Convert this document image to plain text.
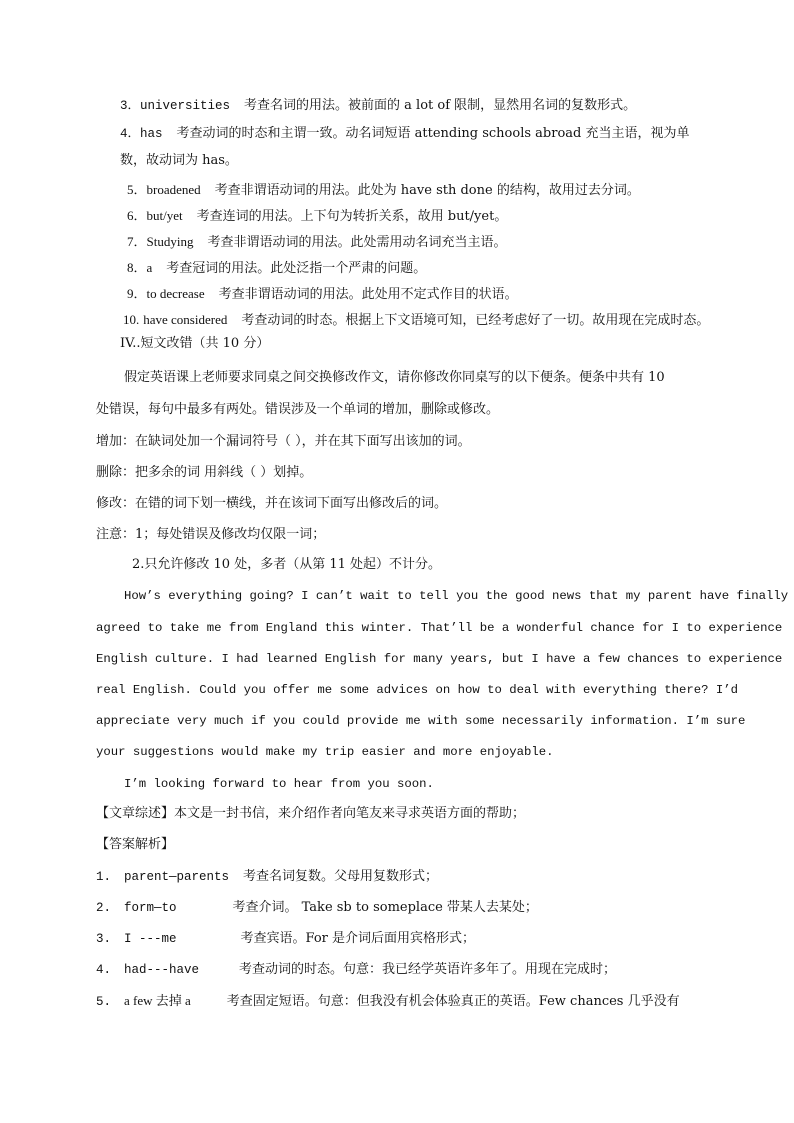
3．universities 考查名词的用法。被前面的 a lot of 限制，显然用名词的复数形式。
4．has 考查动词的时态和主谓一致。动名词短语 attending schools abroad 充当主语，视为单
数，故动词为 has。
5．broadened 考查非谓语动词的用法。此处为 have sth done 的结构，故用过去分词。
6．but/yet 考查连词的用法。上下句为转折关系，故用 but/yet。
7．Studying 考查非谓语动词的用法。此处需用动名词充当主语。
8．a 考查冠词的用法。此处泛指一个严肃的问题。
9．to decrease 考查非谓语动词的用法。此处用不定式作目的状语。
10. have considered 考查动词的时态。根据上下文语境可知，已经考虑好了一切。故用现在完成时态。
IV..短文改错（共 10 分）
假定英语课上老师要求同桌之间交换修改作文，请你修改你同桌写的以下便条。便条中共有 10
处错误，每句中最多有两处。错误涉及一个单词的增加，删除或修改。
增加：在缺词处加一个漏词符号（ ），并在其下面写出该加的词。
删除：把多余的词 用斜线（ ）划掉。
修改：在错的词下划一横线，并在该词下面写出修改后的词。
注意：1；每处错误及修改均仅限一词；
2.只允许修改 10 处，多者（从第 11 处起）不计分。
How’s everything going? I can’t wait to tell you the good news that my parent have finally
agreed to take me from England this winter. That’ll be a wonderful chance for I to experience
English culture. I had learned English for many years, but I have a few chances to experience
real English. Could you offer me some advices on how to deal with everything there? I’d
appreciate very much if you could provide me with some necessarily information. I’m sure
your suggestions would make my trip easier and more enjoyable.
I’m looking forward to hear from you soon.
【文章综述】本文是一封书信，来介绍作者向笔友来寻求英语方面的帮助；
【答案解析】
1. parent—parents 考查名词复数。父母用复数形式；
2. form—to	考查介词。 Take sb to someplace 带某人去某处；
3. I ---me	考查宾语。For 是介词后面用宾格形式；
4. had---have	考查动词的时态。句意：我已经学英语许多年了。用现在完成时；
5. a few 去掉 a	考查固定短语。句意：但我没有机会体验真正的英语。Few chances 几乎没有
